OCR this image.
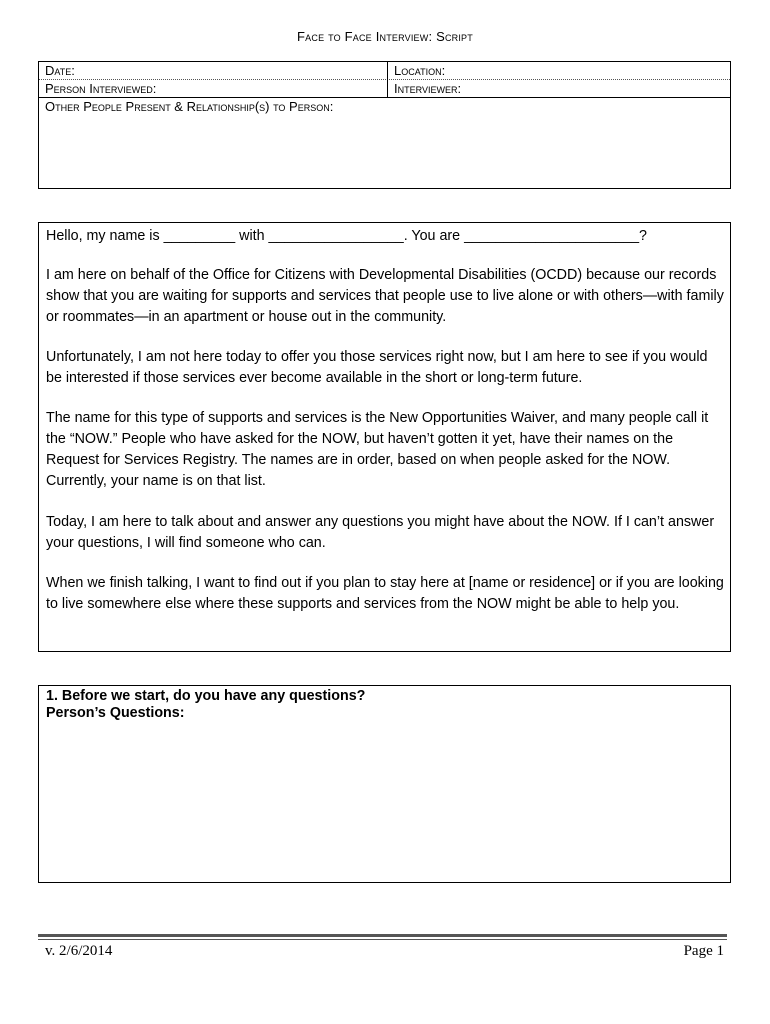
Face to Face Interview: Script
Date:	Location:
Person Interviewed:	Interviewer:
Other People Present & Relationship(s) to Person:

Hello, my name is _________ with _________________. You are ______________________?

I am here on behalf of the Office for Citizens with Developmental Disabilities (OCDD) because our records show that you are waiting for supports and services that people use to live alone or with others—with family or roommates—in an apartment or house out in the community.

Unfortunately, I am not here today to offer you those services right now, but I am here to see if you would be interested if those services ever become available in the short or long-term future.

The name for this type of supports and services is the New Opportunities Waiver, and many people call it the “NOW.” People who have asked for the NOW, but haven’t gotten it yet, have their names on the Request for Services Registry. The names are in order, based on when people asked for the NOW. Currently, your name is on that list.

Today, I am here to talk about and answer any questions you might have about the NOW. If I can’t answer your questions, I will find someone who can.

When we finish talking, I want to find out if you plan to stay here at [name or residence] or if you are looking to live somewhere else where these supports and services from the NOW might be able to help you.

1. Before we start, do you have any questions?
Person’s Questions:
v. 2/6/2014	Page 1
